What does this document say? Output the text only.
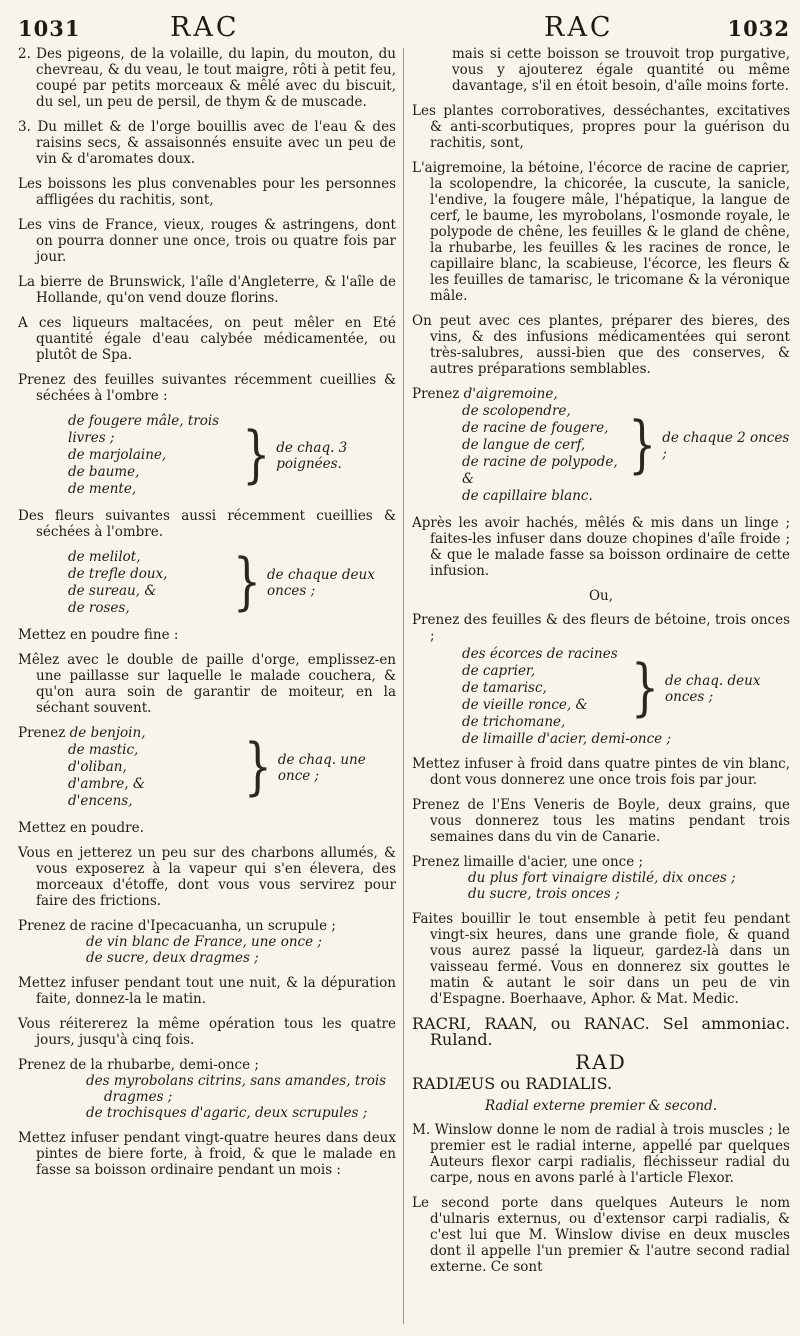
1031	RAC	RAC	1032

2. Des pigeons, de la volaille, du lapin, du mouton, du chevreau, & du veau, le tout maigre, rôti à petit feu, coupé par petits morceaux & mêlé avec du biscuit, du sel, un peu de persil, de thym & de muscade.

3. Du millet & de l'orge bouillis avec de l'eau & des raisins secs, & assaisonnés ensuite avec un peu de vin & d'aromates doux.

Les boissons les plus convenables pour les personnes affligées du rachitis, sont,

Les vins de France, vieux, rouges & astringens, dont on pourra donner une once, trois ou quatre fois par jour.

La bierre de Brunswick, l'aîle d'Angleterre, & l'aîle de Hollande, qu'on vend douze florins.

A ces liqueurs maltacées, on peut mêler en Eté quantité égale d'eau calybée médicamentée, ou plutôt de Spa.

Prenez des feuilles suivantes récemment cueillies & séchées à l'ombre :

de fougere mâle, trois livres ;
de marjolaine,
de baume,
de mente,	} de chaq. 3 poignées.

Des fleurs suivantes aussi récemment cueillies & séchées à l'ombre.

de melilot,
de trefle doux,
de sureau, &
de roses,	} de chaque deux onces ;

Mettez en poudre fine :

Mêlez avec le double de paille d'orge, emplissez-en une paillasse sur laquelle le malade couchera, & qu'on aura soin de garantir de moiteur, en la séchant souvent.

Prenez de benjoin,
de mastic,
d'oliban,
d'ambre, &
d'encens,	} de chaq. une once ;

Mettez en poudre.

Vous en jetterez un peu sur des charbons allumés, & vous exposerez à la vapeur qui s'en élevera, des morceaux d'étoffe, dont vous vous servirez pour faire des frictions.

Prenez de racine d'Ipecacuanha, un scrupule ;
de vin blanc de France, une once ;
de sucre, deux dragmes ;

Mettez infuser pendant tout une nuit, & la dépuration faite, donnez-la le matin.

Vous réitererez la même opération tous les quatre jours, jusqu'à cinq fois.

Prenez de la rhubarbe, demi-once ;
des myrobolans citrins, sans amandes, trois dragmes ;
de trochisques d'agaric, deux scrupules ;

Mettez infuser pendant vingt-quatre heures dans deux pintes de biere forte, à froid, & que le malade en fasse sa boisson ordinaire pendant un mois :

mais si cette boisson se trouvoit trop purgative, vous y ajouterez égale quantité ou même davantage, s'il en étoit besoin, d'aîle moins forte.

Les plantes corroboratives, desséchantes, excitatives & anti-scorbutiques, propres pour la guérison du rachitis, sont,

L'aigremoine, la bétoine, l'écorce de racine de caprier, la scolopendre, la chicorée, la cuscute, la sanicle, l'endive, la fougere mâle, l'hépatique, la langue de cerf, le baume, les myrobolans, l'osmonde royale, le polypode de chêne, les feuilles & le gland de chêne, la rhubarbe, les feuilles & les racines de ronce, le capillaire blanc, la scabieuse, l'écorce, les fleurs & les feuilles de tamarisc, le tricomane & la véronique mâle.

On peut avec ces plantes, préparer des bieres, des vins, & des infusions médicamentées qui seront très-salubres, aussi-bien que des conserves, & autres préparations semblables.

Prenez d'aigremoine,
de scolopendre,
de racine de fougere,
de langue de cerf,
de racine de polypode, &
de capillaire blanc.
} de chaque 2 onces ;

Après les avoir hachés, mêlés & mis dans un linge ; faites-les infuser dans douze chopines d'aîle froide ; & que le malade fasse sa boisson ordinaire de cette infusion.

Ou,

Prenez des feuilles & des fleurs de bétoine, trois onces ;

des écorces de racines de caprier,
de tamarisc,
de vieille ronce, &
de trichomane,	} de chaq. deux onces ;

de limaille d'acier, demi-once ;

Mettez infuser à froid dans quatre pintes de vin blanc, dont vous donnerez une once trois fois par jour.

Prenez de l'Ens Veneris de Boyle, deux grains, que vous donnerez tous les matins pendant trois semaines dans du vin de Canarie.

Prenez limaille d'acier, une once ;
du plus fort vinaigre distilé, dix onces ;
du sucre, trois onces ;

Faites bouillir le tout ensemble à petit feu pendant vingt-six heures, dans une grande fiole, & quand vous aurez passé la liqueur, gardez-là dans un vaisseau fermé. Vous en donnerez six gouttes le matin & autant le soir dans un peu de vin d'Espagne. Boerhaave, Aphor. & Mat. Medic.

RACRI, RAAN, ou RANAC. Sel ammoniac. Ruland.

RAD

RADIÆUS ou RADIALIS.

Radial externe premier & second.

M. Winslow donne le nom de radial à trois muscles ; le premier est le radial interne, appellé par quelques Auteurs flexor carpi radialis, fléchisseur radial du carpe, nous en avons parlé à l'article Flexor.

Le second porte dans quelques Auteurs le nom d'ulnaris externus, ou d'extensor carpi radialis, & c'est lui que M. Winslow divise en deux muscles dont il appelle l'un premier & l'autre second radial externe. Ce sont
